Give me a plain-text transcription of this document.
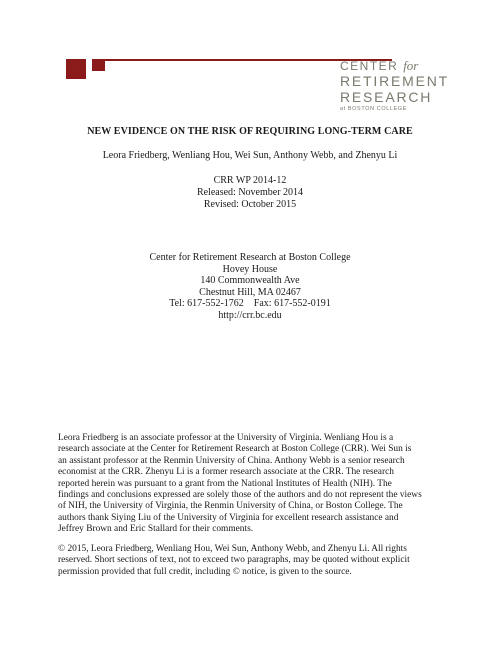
CENTER for
RETIREMENT
RESEARCH
at BOSTON COLLEGE
NEW EVIDENCE ON THE RISK OF REQUIRING LONG-TERM CARE
Leora Friedberg, Wenliang Hou, Wei Sun, Anthony Webb, and Zhenyu Li
CRR WP 2014-12
Released: November 2014
Revised: October 2015
Center for Retirement Research at Boston College
Hovey House
140 Commonwealth Ave
Chestnut Hill, MA 02467
Tel: 617-552-1762    Fax: 617-552-0191
http://crr.bc.edu
Leora Friedberg is an associate professor at the University of Virginia. Wenliang Hou is a
research associate at the Center for Retirement Research at Boston College (CRR). Wei Sun is
an assistant professor at the Renmin University of China. Anthony Webb is a senior research
economist at the CRR. Zhenyu Li is a former research associate at the CRR. The research
reported herein was pursuant to a grant from the National Institutes of Health (NIH). The
findings and conclusions expressed are solely those of the authors and do not represent the views
of NIH, the University of Virginia, the Renmin University of China, or Boston College. The
authors thank Siying Liu of the University of Virginia for excellent research assistance and
Jeffrey Brown and Eric Stallard for their comments.
© 2015, Leora Friedberg, Wenliang Hou, Wei Sun, Anthony Webb, and Zhenyu Li. All rights
reserved. Short sections of text, not to exceed two paragraphs, may be quoted without explicit
permission provided that full credit, including © notice, is given to the source.
